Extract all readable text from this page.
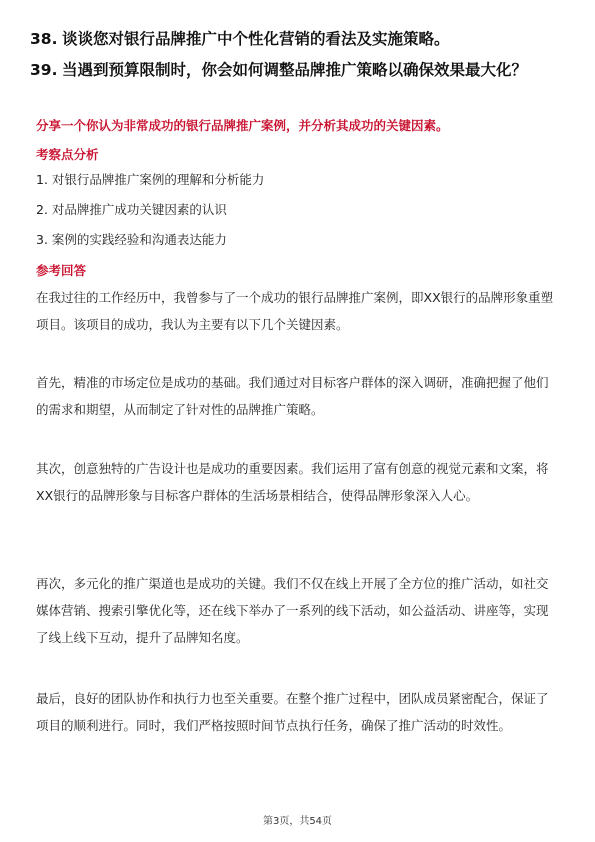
38. 谈谈您对银行品牌推广中个性化营销的看法及实施策略。
39. 当遇到预算限制时，你会如何调整品牌推广策略以确保效果最大化？
分享一个你认为非常成功的银行品牌推广案例，并分析其成功的关键因素。
考察点分析
1. 对银行品牌推广案例的理解和分析能力
2. 对品牌推广成功关键因素的认识
3. 案例的实践经验和沟通表达能力
参考回答

在我过往的工作经历中，我曾参与了一个成功的银行品牌推广案例，即XX银行的品牌形象重塑项目。该项目的成功，我认为主要有以下几个关键因素。

首先，精准的市场定位是成功的基础。我们通过对目标客户群体的深入调研，准确把握了他们的需求和期望，从而制定了针对性的品牌推广策略。

其次，创意独特的广告设计也是成功的重要因素。我们运用了富有创意的视觉元素和文案，将XX银行的品牌形象与目标客户群体的生活场景相结合，使得品牌形象深入人心。

再次，多元化的推广渠道也是成功的关键。我们不仅在线上开展了全方位的推广活动，如社交媒体营销、搜索引擎优化等，还在线下举办了一系列的线下活动，如公益活动、讲座等，实现了线上线下互动，提升了品牌知名度。

最后，良好的团队协作和执行力也至关重要。在整个推广过程中，团队成员紧密配合，保证了项目的顺利进行。同时，我们严格按照时间节点执行任务，确保了推广活动的时效性。

第3页，共54页
